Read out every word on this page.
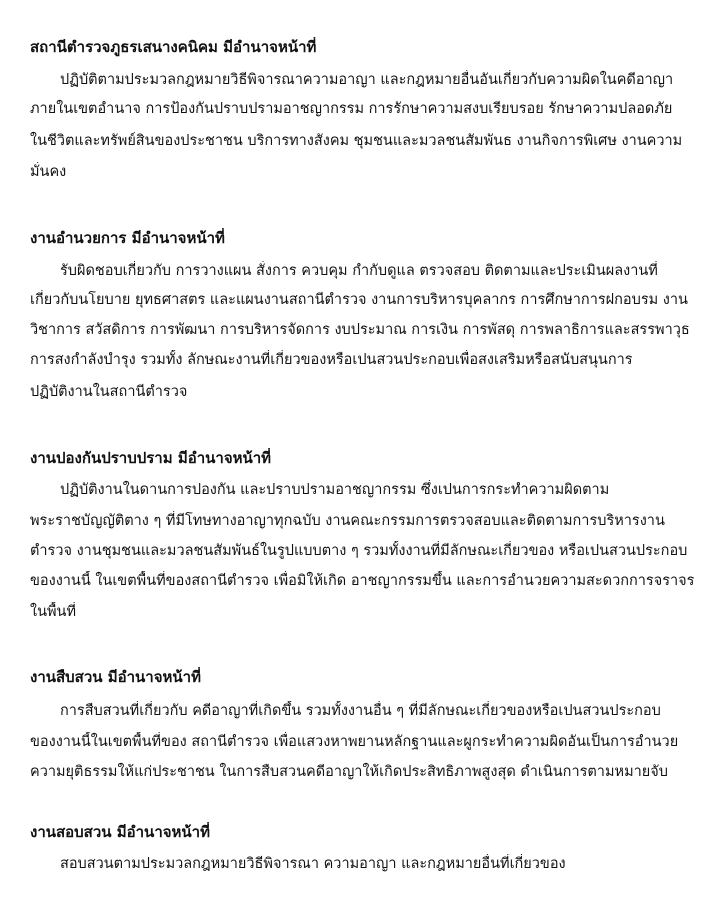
สถานีตำรวจภูธรเสนางคนิคม มีอำนาจหน้าที่
ปฏิบัติตามประมวลกฎหมายวิธีพิจารณาความอาญา และกฎหมายอื่นอันเกี่ยวกับความผิดในคดีอาญา
ภายในเขตอำนาจ การป้องกันปราบปรามอาชญากรรม การรักษาความสงบเรียบรอย รักษาความปลอดภัย
ในชีวิตและทรัพย์สินของประชาชน บริการทางสังคม ชุมชนและมวลชนสัมพันธ งานกิจการพิเศษ งานความ
มั่นคง
งานอำนวยการ มีอำนาจหน้าที่
รับผิดชอบเกี่ยวกับ การวางแผน สั่งการ ควบคุม กำกับดูแล ตรวจสอบ ติดตามและประเมินผลงานที่
เกี่ยวกับนโยบาย ยุทธศาสตร และแผนงานสถานีตำรวจ งานการบริหารบุคลากร การศึกษาการฝกอบรม งาน
วิชาการ สวัสดิการ การพัฒนา การบริหารจัดการ งบประมาณ การเงิน การพัสดุ การพลาธิการและสรรพาวุธ
การสงกำลังบำรุง รวมทั้ง ลักษณะงานที่เกี่ยวของหรือเปนสวนประกอบเพื่อสงเสริมหรือสนับสนุนการ
ปฏิบัติงานในสถานีตำรวจ
งานปองกันปราบปราม มีอำนาจหน้าที่
ปฏิบัติงานในดานการปองกัน และปราบปรามอาชญากรรม ซึ่งเปนการกระทำความผิดตาม
พระราชบัญญัติตาง ๆ ที่มีโทษทางอาญาทุกฉบับ งานคณะกรรมการตรวจสอบและติดตามการบริหารงาน
ตำรวจ งานชุมชนและมวลชนสัมพันธ์ในรูปแบบตาง ๆ รวมทั้งงานที่มีลักษณะเกี่ยวของ หรือเปนสวนประกอบ
ของงานนี้ ในเขตพื้นที่ของสถานีตำรวจ เพื่อมิให้เกิด อาชญากรรมขึ้น และการอำนวยความสะดวกการจราจร
ในพื้นที่
งานสืบสวน มีอำนาจหน้าที่
การสืบสวนที่เกี่ยวกับ คดีอาญาที่เกิดขึ้น รวมทั้งงานอื่น ๆ ที่มีลักษณะเกี่ยวของหรือเปนสวนประกอบ
ของงานนี้ในเขตพื้นที่ของ สถานีตำรวจ เพื่อแสวงหาพยานหลักฐานและผูกระทำความผิดอันเป็นการอำนวย
ความยุติธรรมให้แก่ประชาชน ในการสืบสวนคดีอาญาให้เกิดประสิทธิภาพสูงสุด ดำเนินการตามหมายจับ
งานสอบสวน มีอำนาจหน้าที่
สอบสวนตามประมวลกฎหมายวิธีพิจารณา ความอาญา และกฎหมายอื่นที่เกี่ยวของ
